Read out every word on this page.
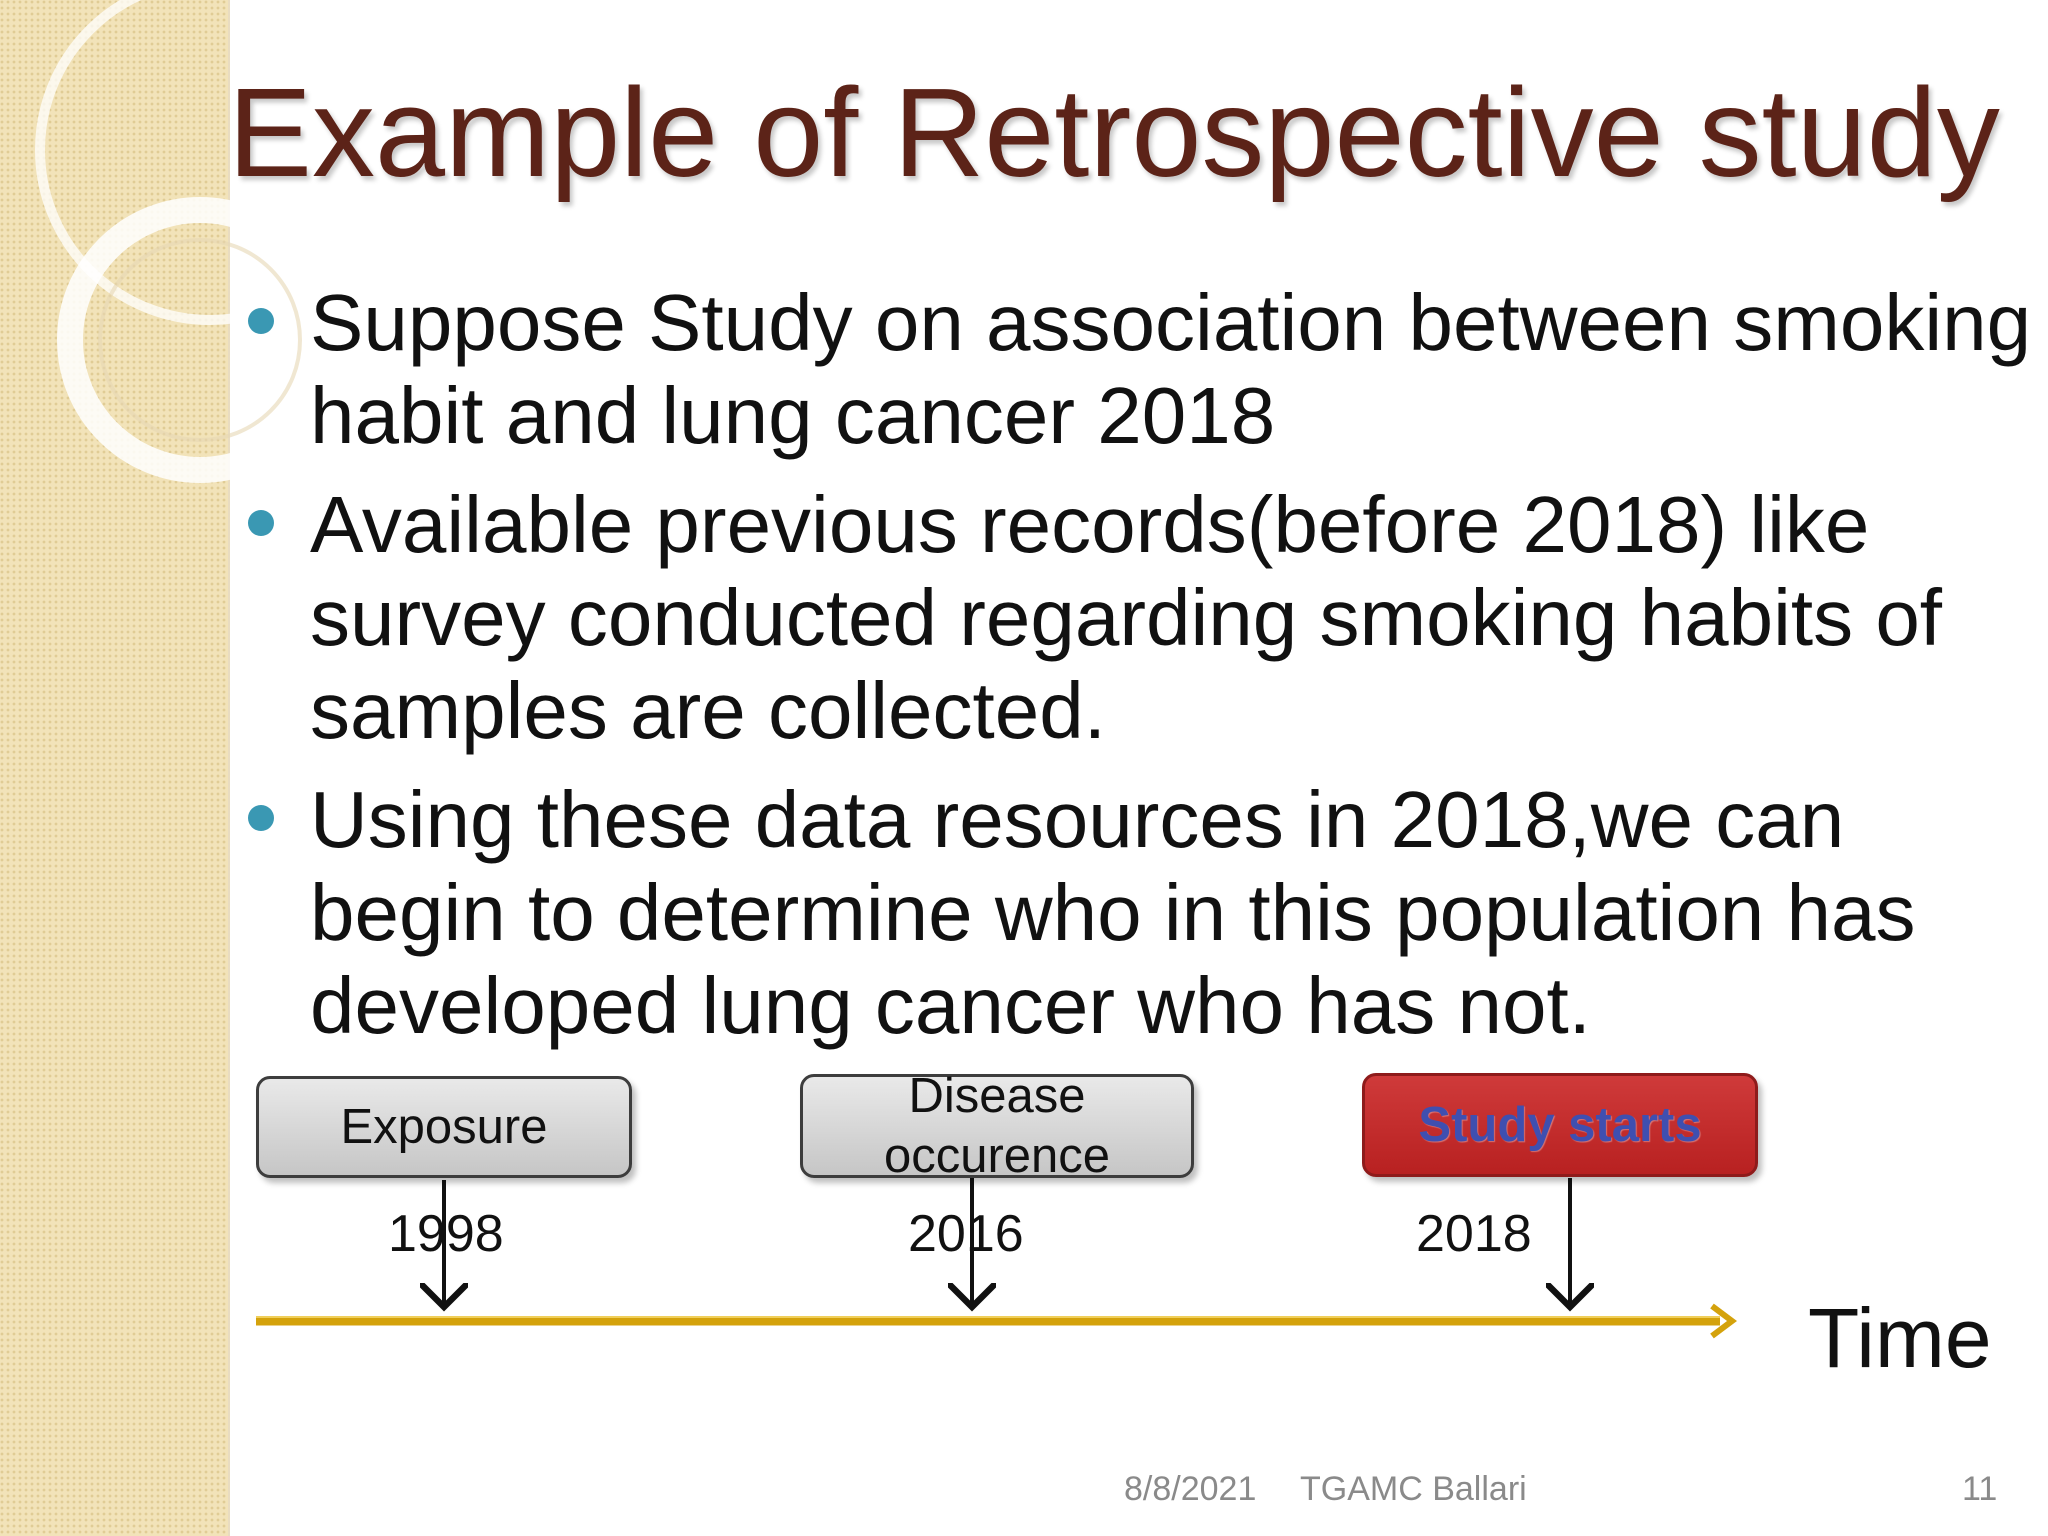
Example of Retrospective study
Suppose Study on association between smoking habit and lung cancer 2018
Available previous records(before 2018) like survey conducted regarding smoking habits of samples are collected.
Using these data resources in 2018,we can begin to determine who in this population has developed lung cancer who has not.
Exposure
Disease occurence
Study starts
1998	2016	2018
Time
8/8/2021 TGAMC Ballari	11
